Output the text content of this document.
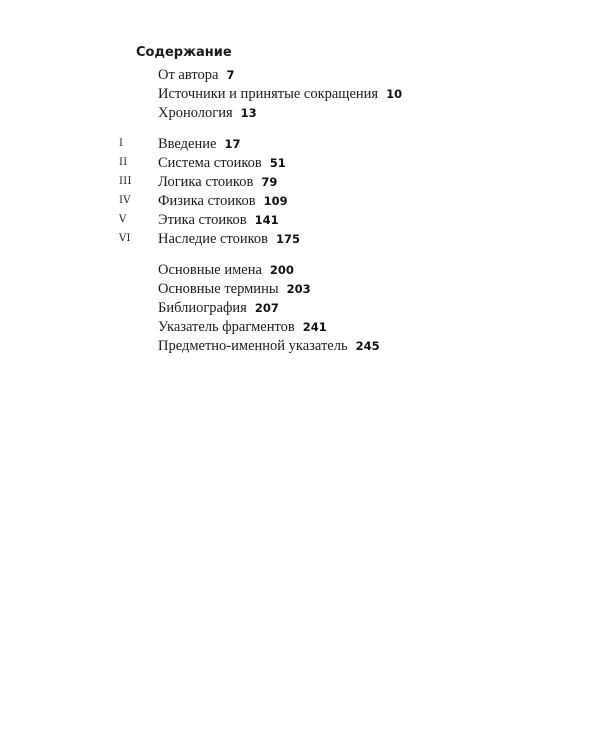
Содержание
От автора 7
Источники и принятые сокращения 10
Хронология 13
I	Введение 17
II	Система стоиков 51
III	Логика стоиков 79
IV	Физика стоиков 109
V	Этика стоиков 141
VI	Наследие стоиков 175
Основные имена 200
Основные термины 203
Библиография 207
Указатель фрагментов 241
Предметно-именной указатель 245
